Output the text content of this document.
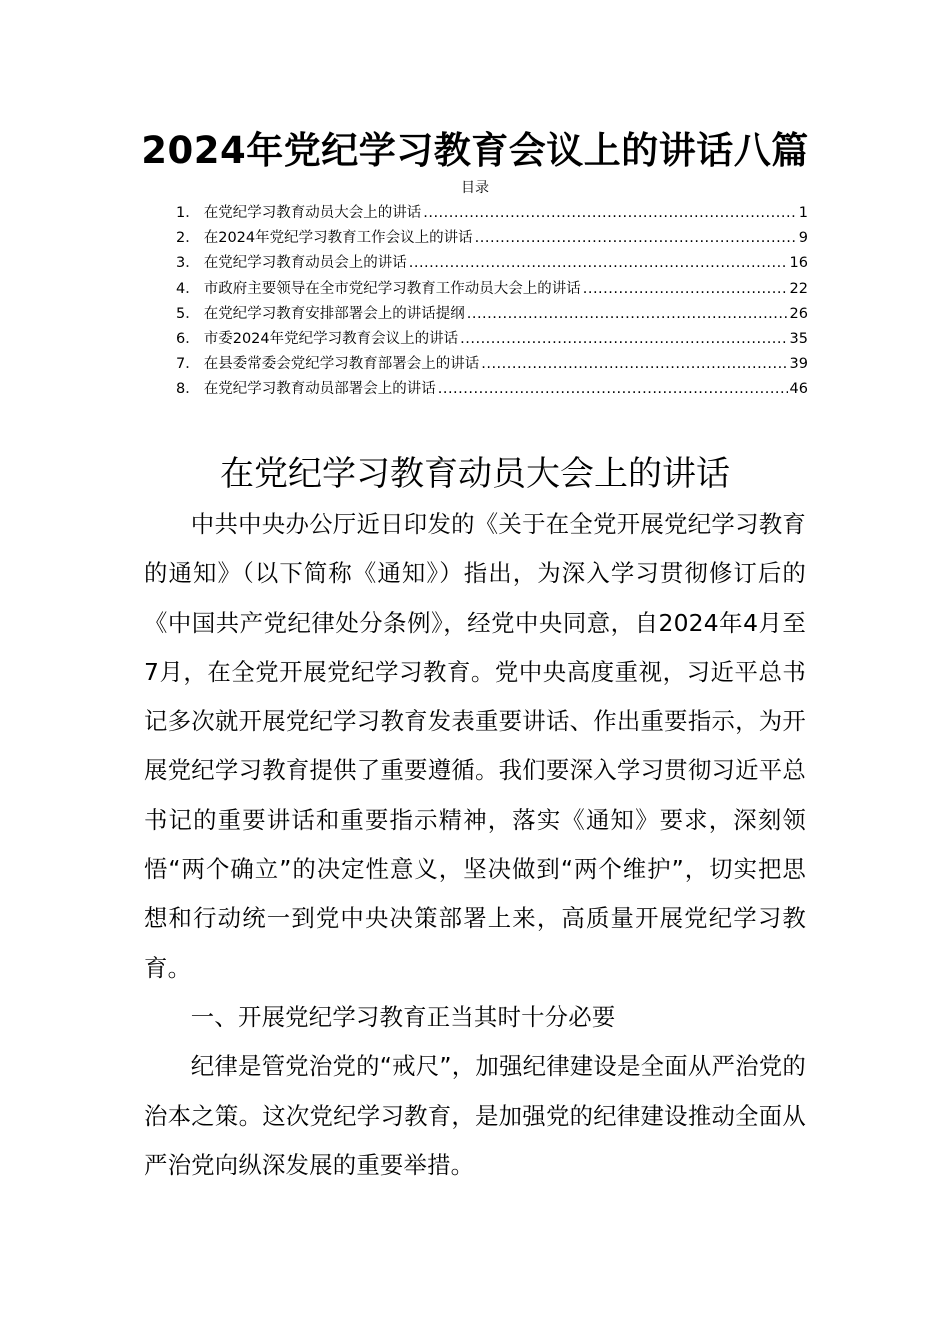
2024年党纪学习教育会议上的讲话八篇
目录
1． 在党纪学习教育动员大会上的讲话 .....	1
2． 在2024年党纪学习教育工作会议上的讲话 .....	9
3． 在党纪学习教育动员会上的讲话 .....	16
4． 市政府主要领导在全市党纪学习教育工作动员大会上的讲话 .....	22
5． 在党纪学习教育安排部署会上的讲话提纲 .....	26
6． 市委2024年党纪学习教育会议上的讲话 .....	35
7． 在县委常委会党纪学习教育部署会上的讲话 .....	39
8． 在党纪学习教育动员部署会上的讲话 .....	46
在党纪学习教育动员大会上的讲话

中共中央办公厅近日印发的《关于在全党开展党纪学习教育的通知》（以下简称《通知》）指出，为深入学习贯彻修订后的《中国共产党纪律处分条例》，经党中央同意，自2024年4月至7月，在全党开展党纪学习教育。党中央高度重视，习近平总书记多次就开展党纪学习教育发表重要讲话、作出重要指示，为开展党纪学习教育提供了重要遵循。我们要深入学习贯彻习近平总书记的重要讲话和重要指示精神，落实《通知》要求，深刻领悟“两个确立”的决定性意义，坚决做到“两个维护”，切实把思想和行动统一到党中央决策部署上来，高质量开展党纪学习教育。

一、开展党纪学习教育正当其时十分必要

纪律是管党治党的“戒尺”，加强纪律建设是全面从严治党的治本之策。这次党纪学习教育，是加强党的纪律建设推动全面从严治党向纵深发展的重要举措。
